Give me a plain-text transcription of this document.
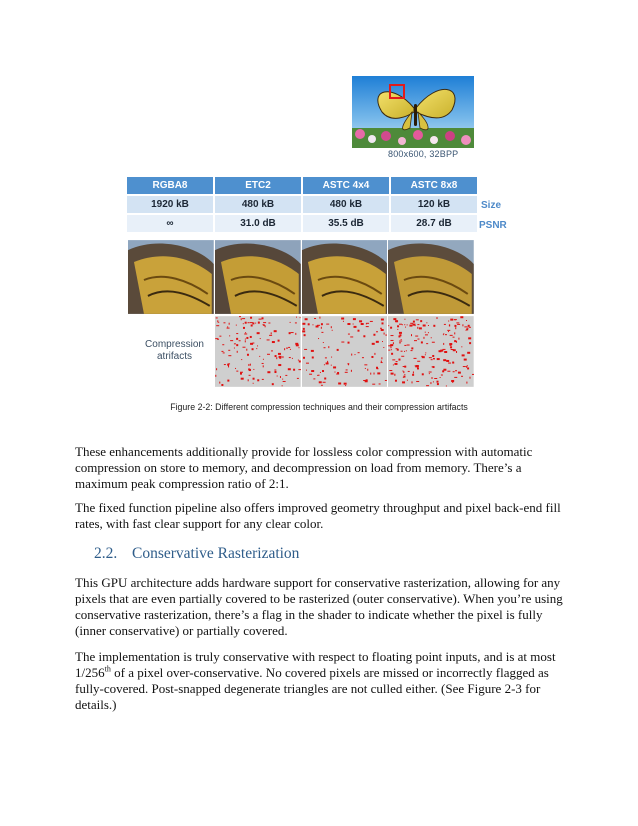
800x600, 32BPP
RGBA8	ETC2	ASTC 4x4	ASTC 8x8
1920 kB	480 kB	480 kB	120 kB
∞	31.0 dB	35.5 dB	28.7 dB
Size
PSNR
Compression
atrifacts
Figure 2-2: Different compression techniques and their compression artifacts
These enhancements additionally provide for lossless color compression with automatic compression on store to memory, and decompression on load from memory. There’s a maximum peak compression ratio of 2:1.
The fixed function pipeline also offers improved geometry throughput and pixel back-end fill rates, with fast clear support for any clear color.
2.2. Conservative Rasterization
This GPU architecture adds hardware support for conservative rasterization, allowing for any pixels that are even partially covered to be rasterized (outer conservative). When you’re using conservative rasterization, there’s a flag in the shader to indicate whether the pixel is fully (inner conservative) or partially covered.
The implementation is truly conservative with respect to floating point inputs, and is at most 1/256th of a pixel over-conservative. No covered pixels are missed or incorrectly flagged as fully-covered. Post-snapped degenerate triangles are not culled either. (See Figure 2-3 for details.)
